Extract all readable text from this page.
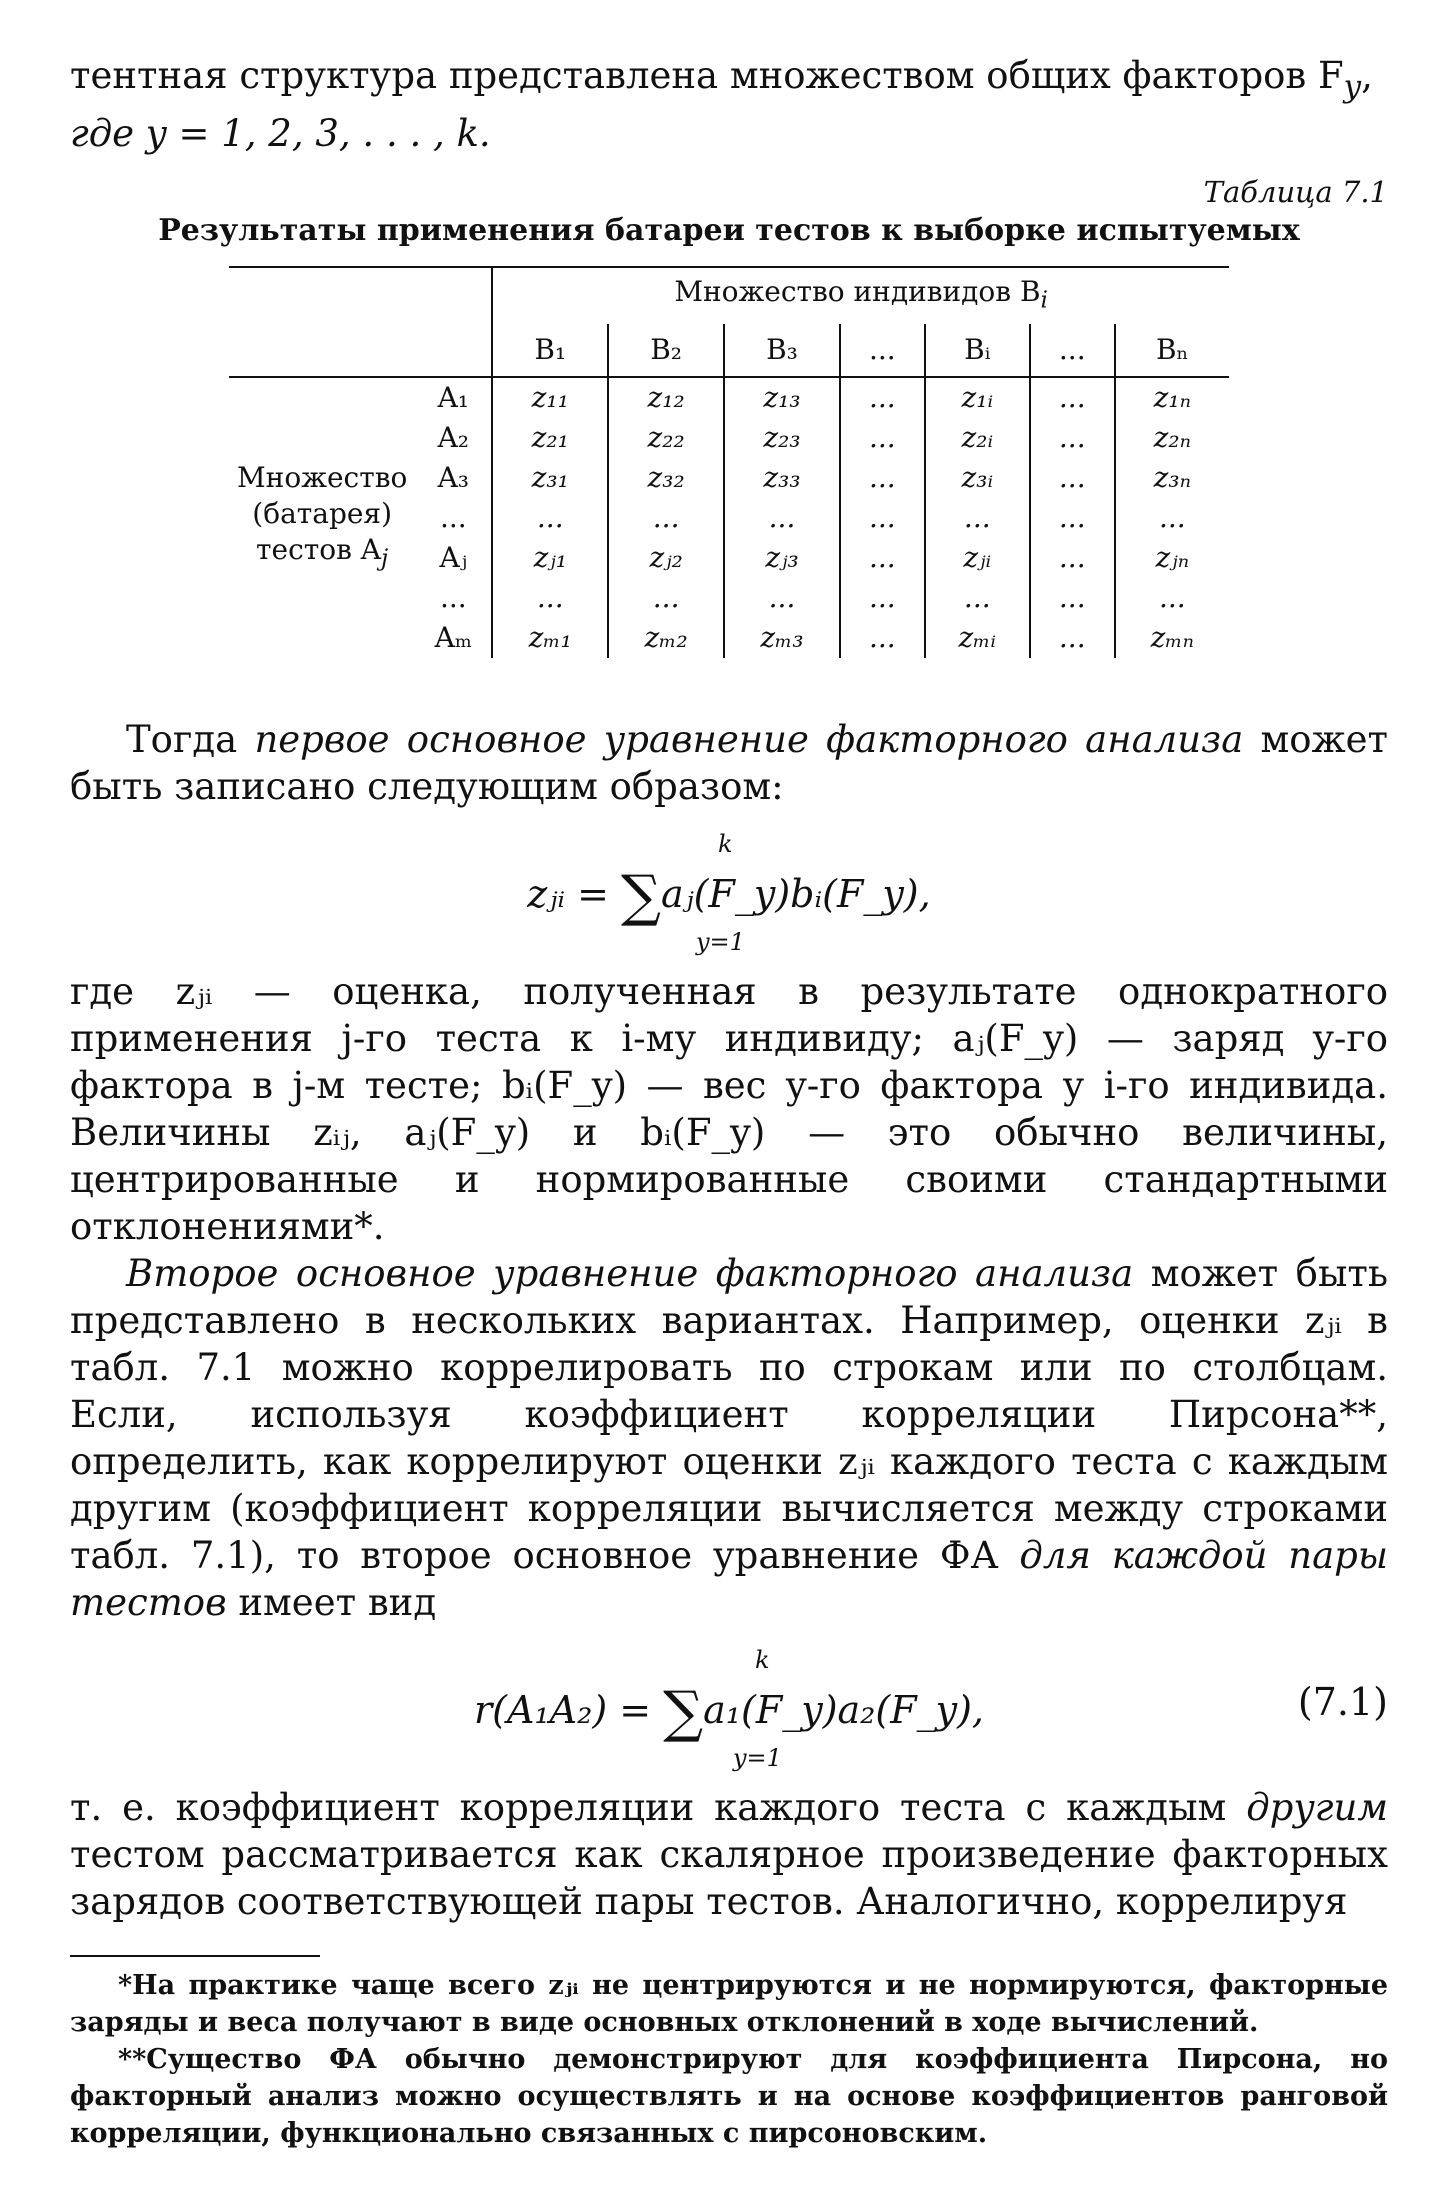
тентная структура представлена множеством общих факторов $F_y$,
где y = 1, 2, 3, . . . , k.

Таблица 7.1
Результаты применения батареи тестов к выборке испытуемых
		Множество индивидов $B_i$
		B₁	B₂	B₃	...	Bᵢ	...	Bₙ

Множество
(батарея)
тестов $A_j$	A₁	z₁₁	z₁₂	z₁₃	...	z₁ᵢ	...	z₁ₙ
	A₂	z₂₁	z₂₂	z₂₃	...	z₂ᵢ	...	z₂ₙ
	A₃	z₃₁	z₃₂	z₃₃	...	z₃ᵢ	...	z₃ₙ
	...	...	...	...	...	...	...	...
	Aⱼ	zⱼ₁	zⱼ₂	zⱼ₃	...	zⱼᵢ	...	zⱼₙ
	...	...	...	...	...	...	...	...
	Aₘ	zₘ₁	zₘ₂	zₘ₃	...	zₘᵢ	...	zₘₙ

Тогда первое основное уравнение факторного анализа может быть записано следующим образом:

k
zⱼᵢ = ∑aⱼ(F_y)bᵢ(F_y),
y=1

где zⱼᵢ — оценка, полученная в результате однократного применения j-го теста к i-му индивиду; aⱼ(F_y) — заряд y-го фактора в j-м тесте; bᵢ(F_y) — вес y-го фактора у i-го индивида. Величины zᵢⱼ, aⱼ(F_y) и bᵢ(F_y) — это обычно величины, центрированные и нормированные своими стандартными отклонениями*.

Второе основное уравнение факторного анализа может быть представлено в нескольких вариантах. Например, оценки zⱼᵢ в табл. 7.1 можно коррелировать по строкам или по столбцам. Если, используя коэффициент корреляции Пирсона**, определить, как коррелируют оценки zⱼᵢ каждого теста с каждым другим (коэффициент корреляции вычисляется между строками табл. 7.1), то второе основное уравнение ФА для каждой пары тестов имеет вид

k
r(A₁A₂) = ∑a₁(F_y)a₂(F_y),	(7.1)
y=1

т. е. коэффициент корреляции каждого теста с каждым другим тестом рассматривается как скалярное произведение факторных зарядов соответствующей пары тестов. Аналогично, коррелируя

*На практике чаще всего zⱼᵢ не центрируются и не нормируются, факторные заряды и веса получают в виде основных отклонений в ходе вычислений.
**Существо ФА обычно демонстрируют для коэффициента Пирсона, но факторный анализ можно осуществлять и на основе коэффициентов ранговой корреляции, функционально связанных с пирсоновским.
